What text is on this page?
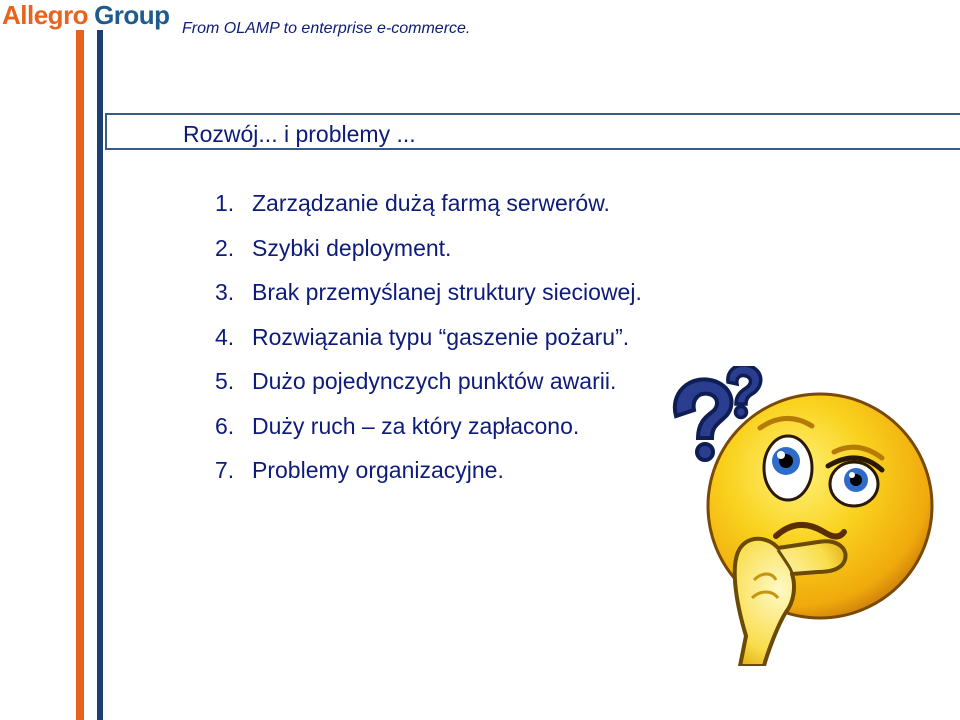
Allegro Group From OLAMP to enterprise e-commerce.
Rozwój... i problemy ...
1. Zarządzanie dużą farmą serwerów.
2. Szybki deployment.
3. Brak przemyślanej struktury sieciowej.
4. Rozwiązania typu “gaszenie pożaru”.
5. Dużo pojedynczych punktów awarii.
6. Duży ruch – za który zapłacono.
7. Problemy organizacyjne.
